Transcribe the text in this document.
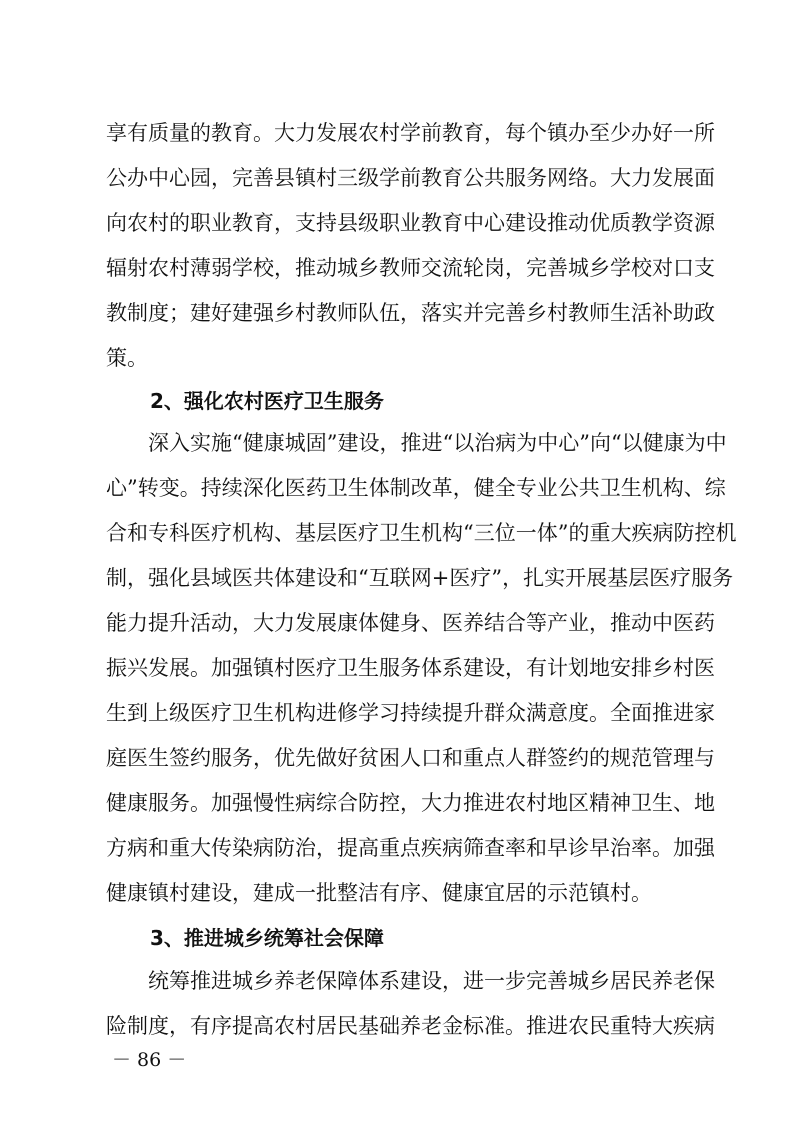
享有质量的教育。大力发展农村学前教育，每个镇办至少办好一所
公办中心园，完善县镇村三级学前教育公共服务网络。大力发展面
向农村的职业教育，支持县级职业教育中心建设推动优质教学资源
辐射农村薄弱学校，推动城乡教师交流轮岗，完善城乡学校对口支
教制度；建好建强乡村教师队伍，落实并完善乡村教师生活补助政
策。
2、强化农村医疗卫生服务
深入实施“健康城固”建设，推进“以治病为中心”向“以健康为中
心”转变。持续深化医药卫生体制改革，健全专业公共卫生机构、综
合和专科医疗机构、基层医疗卫生机构“三位一体”的重大疾病防控机
制，强化县域医共体建设和“互联网+医疗”，扎实开展基层医疗服务
能力提升活动，大力发展康体健身、医养结合等产业，推动中医药
振兴发展。加强镇村医疗卫生服务体系建设，有计划地安排乡村医
生到上级医疗卫生机构进修学习持续提升群众满意度。全面推进家
庭医生签约服务，优先做好贫困人口和重点人群签约的规范管理与
健康服务。加强慢性病综合防控，大力推进农村地区精神卫生、地
方病和重大传染病防治，提高重点疾病筛查率和早诊早治率。加强
健康镇村建设，建成一批整洁有序、健康宜居的示范镇村。
3、推进城乡统筹社会保障
统筹推进城乡养老保障体系建设，进一步完善城乡居民养老保
险制度，有序提高农村居民基础养老金标准。推进农民重特大疾病
－ 86 －
